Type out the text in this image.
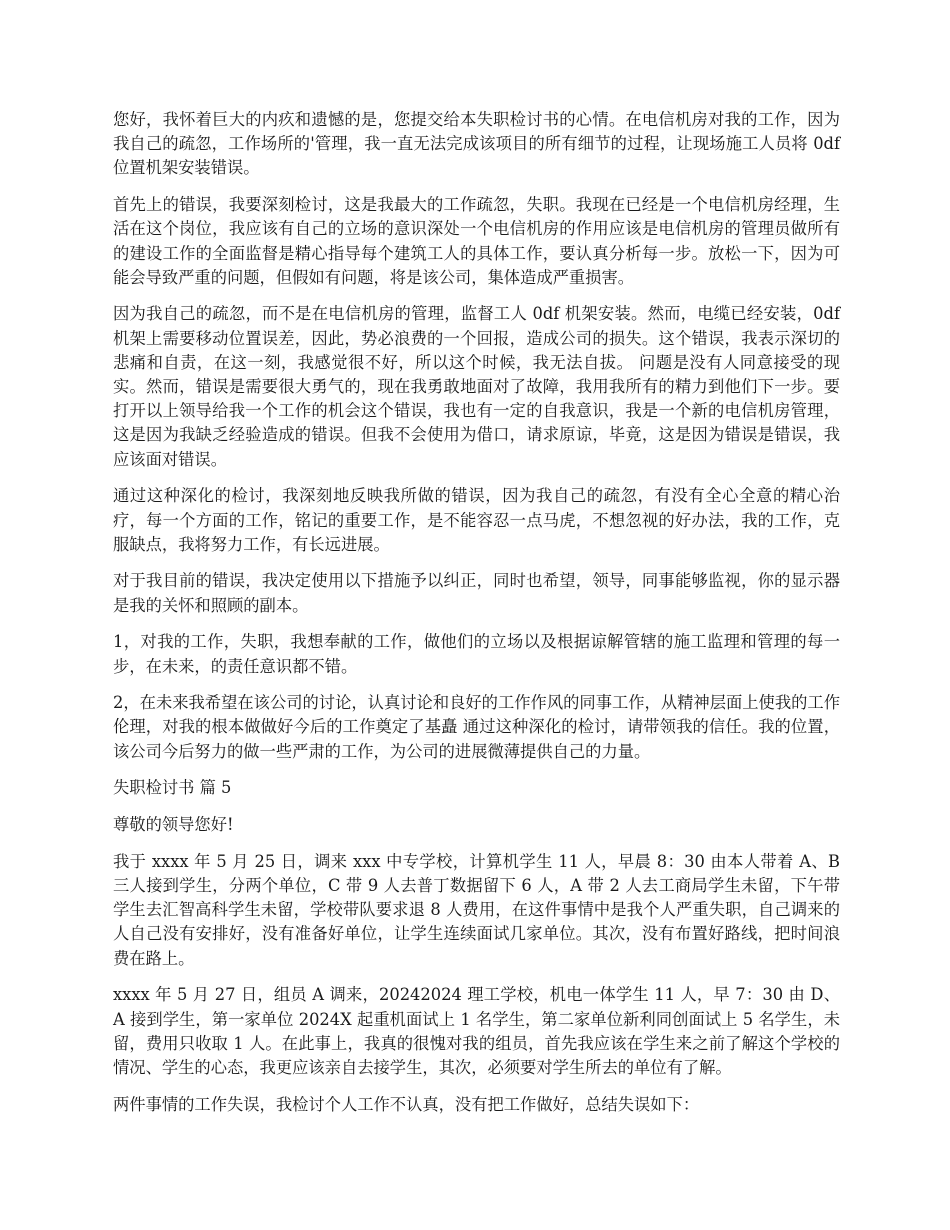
您好，我怀着巨大的内疚和遗憾的是，您提交给本失职检讨书的心情。在电信机房对我的工作，因为我自己的疏忽，工作场所的'管理，我一直无法完成该项目的所有细节的过程，让现场施工人员将 0df 位置机架安装错误。

首先上的错误，我要深刻检讨，这是我最大的工作疏忽，失职。我现在已经是一个电信机房经理，生活在这个岗位，我应该有自己的立场的意识深处一个电信机房的作用应该是电信机房的管理员做所有的建设工作的全面监督是精心指导每个建筑工人的具体工作，要认真分析每一步。放松一下，因为可能会导致严重的问题，但假如有问题，将是该公司，集体造成严重损害。

因为我自己的疏忽，而不是在电信机房的管理，监督工人 0df 机架安装。然而，电缆已经安装，0df 机架上需要移动位置误差，因此，势必浪费的一个回报，造成公司的损失。这个错误，我表示深切的悲痛和自责，在这一刻，我感觉很不好，所以这个时候，我无法自拔。 问题是没有人同意接受的现实。然而，错误是需要很大勇气的，现在我勇敢地面对了故障，我用我所有的精力到他们下一步。要打开以上领导给我一个工作的机会这个错误，我也有一定的自我意识，我是一个新的电信机房管理，这是因为我缺乏经验造成的错误。但我不会使用为借口，请求原谅，毕竟，这是因为错误是错误，我应该面对错误。

通过这种深化的检讨，我深刻地反映我所做的错误，因为我自己的疏忽，有没有全心全意的精心治疗，每一个方面的工作，铭记的重要工作，是不能容忍一点马虎，不想忽视的好办法，我的工作，克服缺点，我将努力工作，有长远进展。

对于我目前的错误，我决定使用以下措施予以纠正，同时也希望，领导，同事能够监视，你的显示器是我的关怀和照顾的副本。

1，对我的工作，失职，我想奉献的工作，做他们的立场以及根据谅解管辖的施工监理和管理的每一步，在未来，的责任意识都不错。

2，在未来我希望在该公司的讨论，认真讨论和良好的工作作风的同事工作，从精神层面上使我的工作伦理，对我的根本做做好今后的工作奠定了基矗 通过这种深化的检讨，请带领我的信任。我的位置，该公司今后努力的做一些严肃的工作，为公司的进展微薄提供自己的力量。

失职检讨书 篇 5

尊敬的领导您好!

我于 xxxx 年 5 月 25 日，调来 xxx 中专学校，计算机学生 11 人，早晨 8：30 由本人带着 A、B 三人接到学生，分两个单位，C 带 9 人去普丁数据留下 6 人，A 带 2 人去工商局学生未留，下午带学生去汇智高科学生未留，学校带队要求退 8 人费用，在这件事情中是我个人严重失职，自己调来的人自己没有安排好，没有准备好单位，让学生连续面试几家单位。其次，没有布置好路线，把时间浪费在路上。

xxxx 年 5 月 27 日，组员 A 调来，20242024 理工学校，机电一体学生 11 人，早 7：30 由 D、A 接到学生，第一家单位 2024X 起重机面试上 1 名学生，第二家单位新利同创面试上 5 名学生，未留，费用只收取 1 人。在此事上，我真的很愧对我的组员，首先我应该在学生来之前了解这个学校的情况、学生的心态，我更应该亲自去接学生，其次，必须要对学生所去的单位有了解。

两件事情的工作失误，我检讨个人工作不认真，没有把工作做好，总结失误如下：
